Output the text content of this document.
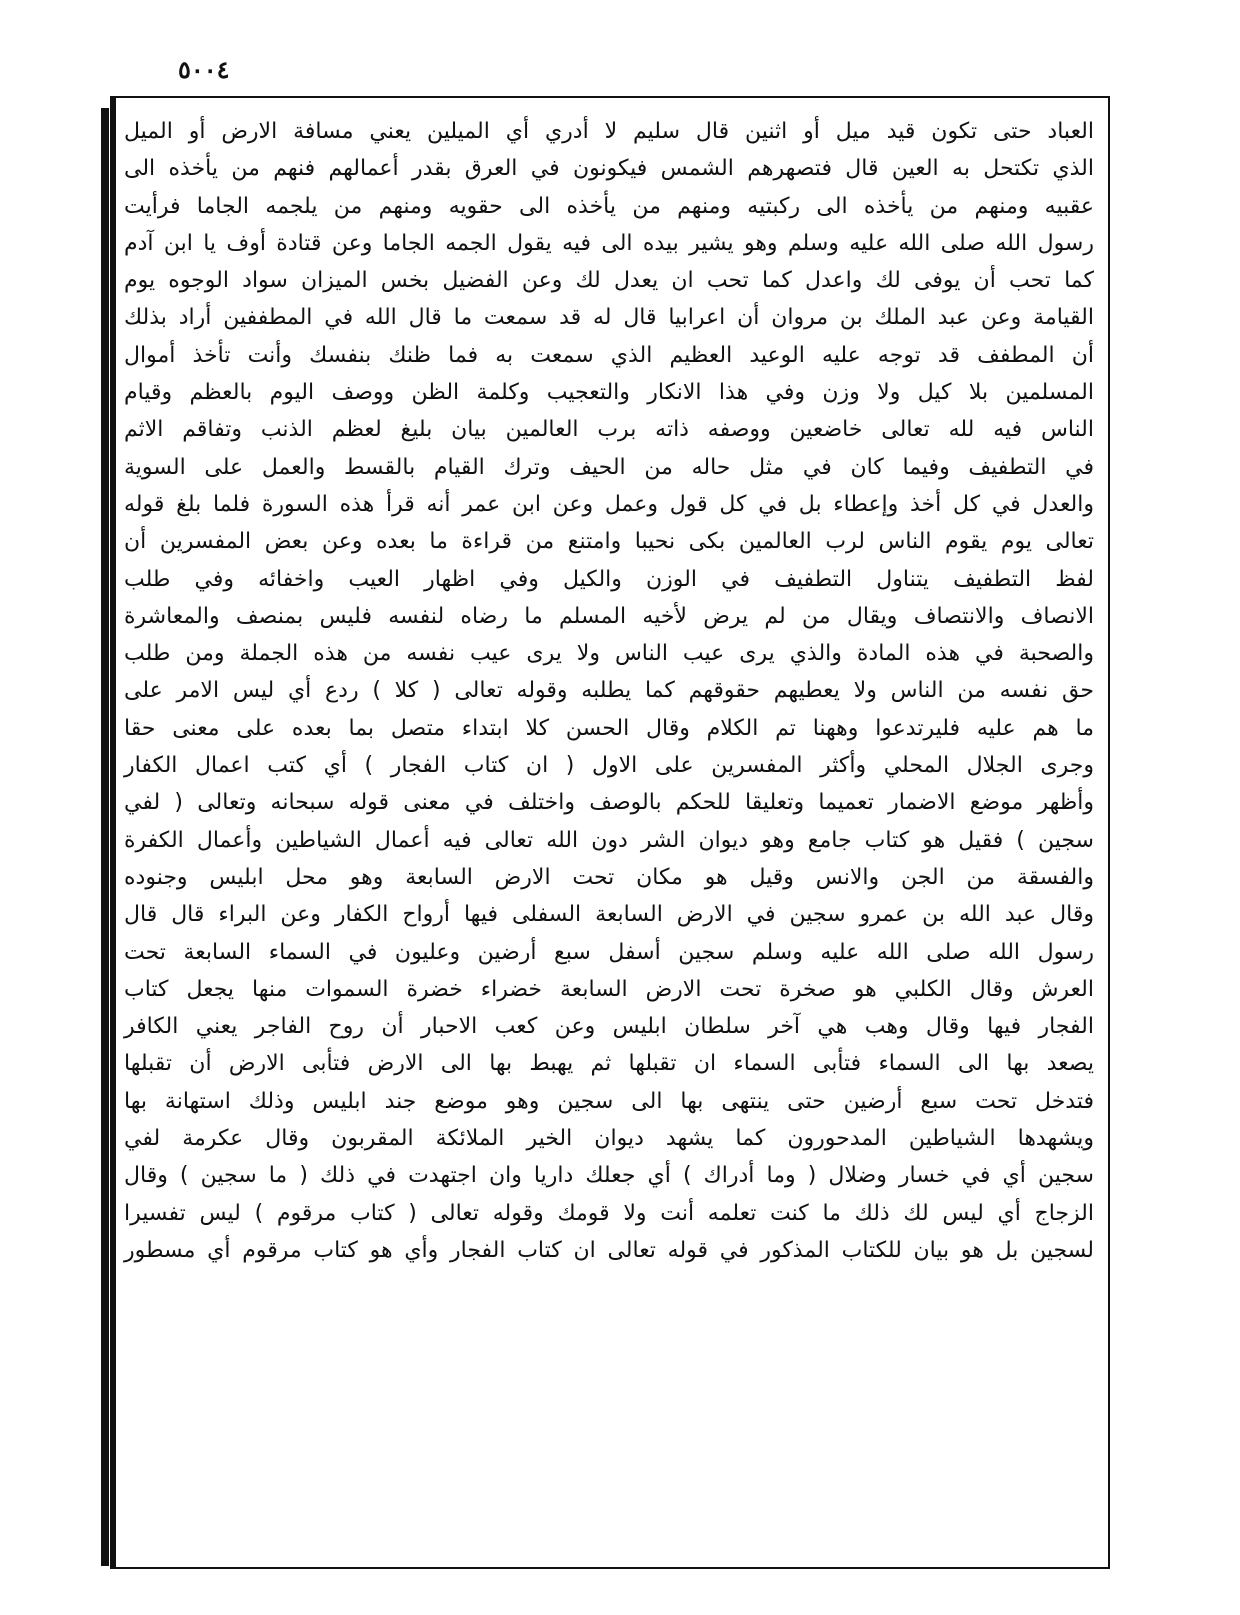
٥٠٠٤
العباد حتى تكون قيد ميل أو اثنين قال سليم لا أدري أي الميلين يعني مسافة الارض أو الميل
الذي تكتحل به العين قال فتصهرهم الشمس فيكونون في العرق بقدر أعمالهم فنهم من يأخذه الى
عقبيه ومنهم من يأخذه الى ركبتيه ومنهم من يأخذه الى حقويه ومنهم من يلجمه الجاما فرأيت
رسول الله صلى الله عليه وسلم وهو يشير بيده الى فيه يقول الجمه الجاما وعن قتادة أوف يا ابن آدم
كما تحب أن يوفى لك واعدل كما تحب ان يعدل لك وعن الفضيل بخس الميزان سواد الوجوه يوم
القيامة وعن عبد الملك بن مروان أن اعرابيا قال له قد سمعت ما قال الله في المطففين أراد بذلك
أن المطفف قد توجه عليه الوعيد العظيم الذي سمعت به فما ظنك بنفسك وأنت تأخذ أموال
المسلمين بلا كيل ولا وزن وفي هذا الانكار والتعجيب وكلمة الظن ووصف اليوم بالعظم وقيام
الناس فيه لله تعالى خاضعين ووصفه ذاته برب العالمين بيان بليغ لعظم الذنب وتفاقم الاثم
في التطفيف وفيما كان في مثل حاله من الحيف وترك القيام بالقسط والعمل على السوية
والعدل في كل أخذ وإعطاء بل في كل قول وعمل وعن ابن عمر أنه قرأ هذه السورة فلما بلغ قوله
تعالى يوم يقوم الناس لرب العالمين بكى نحيبا وامتنع من قراءة ما بعده وعن بعض المفسرين أن
لفظ التطفيف يتناول التطفيف في الوزن والكيل وفي اظهار العيب واخفائه وفي طلب
الانصاف والانتصاف ويقال من لم يرض لأخيه المسلم ما رضاه لنفسه فليس بمنصف والمعاشرة
والصحبة في هذه المادة والذي يرى عيب الناس ولا يرى عيب نفسه من هذه الجملة ومن طلب
حق نفسه من الناس ولا يعطيهم حقوقهم كما يطلبه وقوله تعالى ( كلا ) ردع أي ليس الامر على
ما هم عليه فليرتدعوا وههنا تم الكلام وقال الحسن كلا ابتداء متصل بما بعده على معنى حقا
وجرى الجلال المحلي وأكثر المفسرين على الاول ( ان كتاب الفجار ) أي كتب اعمال الكفار
وأظهر موضع الاضمار تعميما وتعليقا للحكم بالوصف واختلف في معنى قوله سبحانه وتعالى ( لفي
سجين ) فقيل هو كتاب جامع وهو ديوان الشر دون الله تعالى فيه أعمال الشياطين وأعمال الكفرة
والفسقة من الجن والانس وقيل هو مكان تحت الارض السابعة وهو محل ابليس وجنوده
وقال عبد الله بن عمرو سجين في الارض السابعة السفلى فيها أرواح الكفار وعن البراء قال قال
رسول الله صلى الله عليه وسلم سجين أسفل سبع أرضين وعليون في السماء السابعة تحت
العرش وقال الكلبي هو صخرة تحت الارض السابعة خضراء خضرة السموات منها يجعل كتاب
الفجار فيها وقال وهب هي آخر سلطان ابليس وعن كعب الاحبار أن روح الفاجر يعني الكافر
يصعد بها الى السماء فتأبى السماء ان تقبلها ثم يهبط بها الى الارض فتأبى الارض أن تقبلها
فتدخل تحت سبع أرضين حتى ينتهى بها الى سجين وهو موضع جند ابليس وذلك استهانة بها
ويشهدها الشياطين المدحورون كما يشهد ديوان الخير الملائكة المقربون وقال عكرمة لفي
سجين أي في خسار وضلال ( وما أدراك ) أي جعلك داريا وان اجتهدت في ذلك ( ما سجين ) وقال
الزجاج أي ليس لك ذلك ما كنت تعلمه أنت ولا قومك وقوله تعالى ( كتاب مرقوم ) ليس تفسيرا
لسجين بل هو بيان للكتاب المذكور في قوله تعالى ان كتاب الفجار وأي هو كتاب مرقوم أي مسطور
